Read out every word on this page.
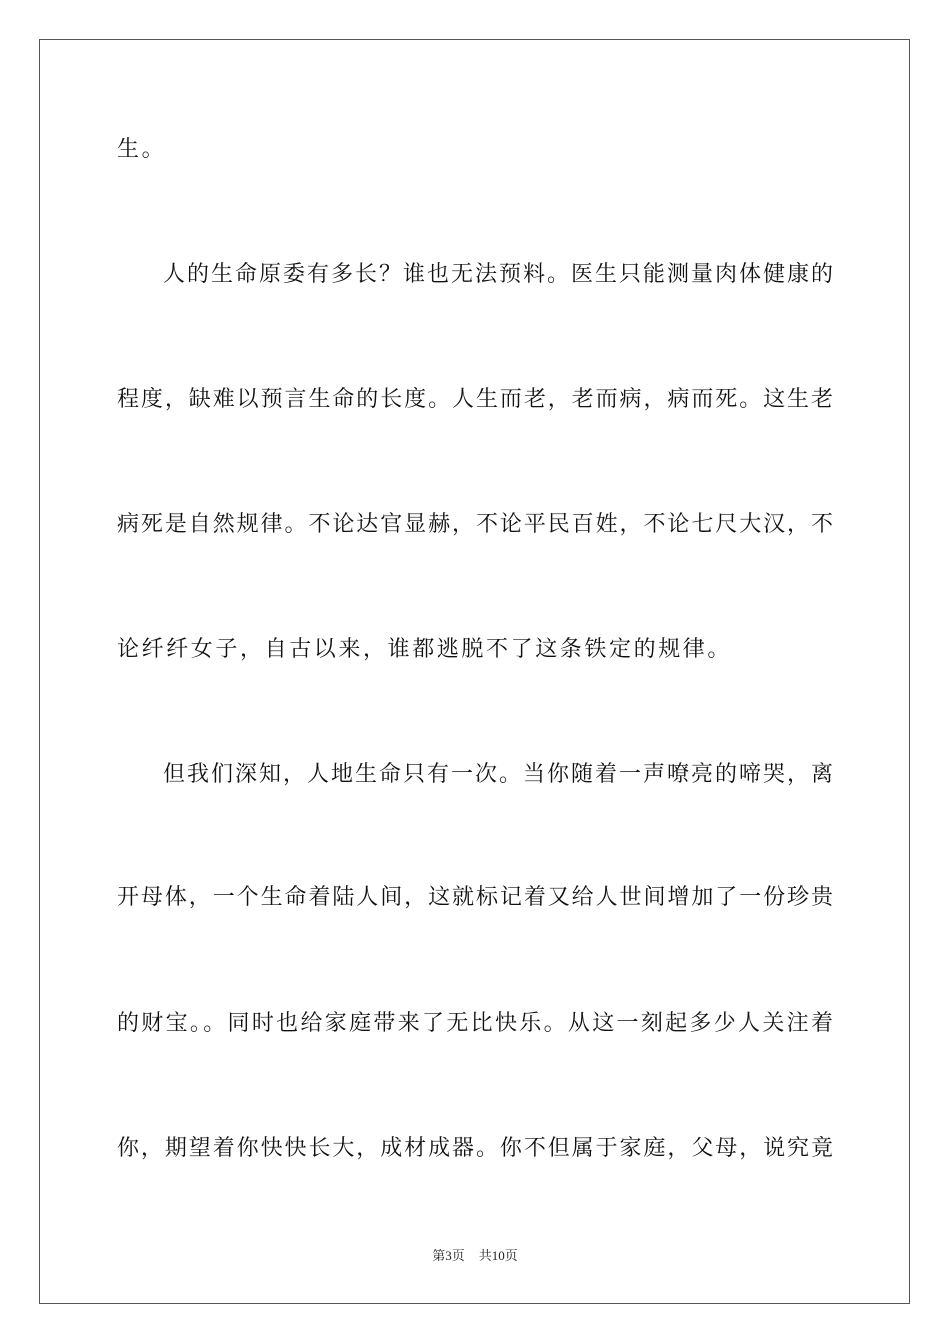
生。
人的生命原委有多长？谁也无法预料。医生只能测量肉体健康的
程度，缺难以预言生命的长度。人生而老，老而病，病而死。这生老
病死是自然规律。不论达官显赫，不论平民百姓，不论七尺大汉，不
论纤纤女子，自古以来，谁都逃脱不了这条铁定的规律。
但我们深知，人地生命只有一次。当你随着一声嘹亮的啼哭，离
开母体，一个生命着陆人间，这就标记着又给人世间增加了一份珍贵
的财宝。。同时也给家庭带来了无比快乐。从这一刻起多少人关注着
你，期望着你快快长大，成材成器。你不但属于家庭，父母，说究竟
第3页 共10页
